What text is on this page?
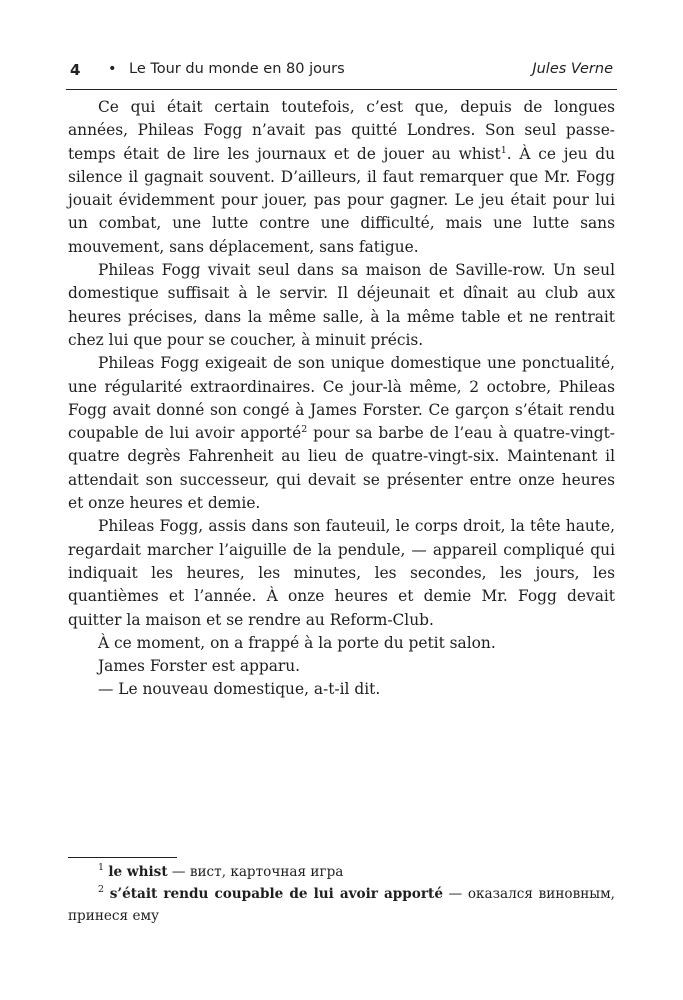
4 • Le Tour du monde en 80 jours	Jules Verne

Ce qui était certain toutefois, c’est que, depuis de longues années, Phileas Fogg n’avait pas quitté Londres. Son seul passe-temps était de lire les journaux et de jouer au whist$^1$. À ce jeu du silence il gagnait souvent. D’ailleurs, il faut remarquer que Mr. Fogg jouait évidemment pour jouer, pas pour gagner. Le jeu était pour lui un combat, une lutte contre une difficulté, mais une lutte sans mouvement, sans déplacement, sans fatigue.

Phileas Fogg vivait seul dans sa maison de Saville-row. Un seul domestique suffisait à le servir. Il déjeunait et dînait au club aux heures précises, dans la même salle, à la même table et ne rentrait chez lui que pour se coucher, à minuit précis.

Phileas Fogg exigeait de son unique domestique une ponctualité, une régularité extraordinaires. Ce jour-là même, 2 octobre, Phileas Fogg avait donné son congé à James Forster. Ce garçon s’était rendu coupable de lui avoir apporté$^2$ pour sa barbe de l’eau à quatre-vingt-quatre degrès Fahrenheit au lieu de quatre-vingt-six. Maintenant il attendait son successeur, qui devait se présenter entre onze heures et onze heures et demie.

Phileas Fogg, assis dans son fauteuil, le corps droit, la tête haute, regardait marcher l’aiguille de la pendule, — appareil compliqué qui indiquait les heures, les minutes, les secondes, les jours, les quantièmes et l’année. À onze heures et demie Mr. Fogg devait quitter la maison et se rendre au Reform-Club.

À ce moment, on a frappé à la porte du petit salon.

James Forster est apparu.

— Le nouveau domestique, a-t-il dit.

$^1$ le whist — вист, карточная игра

$^2$ s’était rendu coupable de lui avoir apporté — оказался виновным, принеся ему
